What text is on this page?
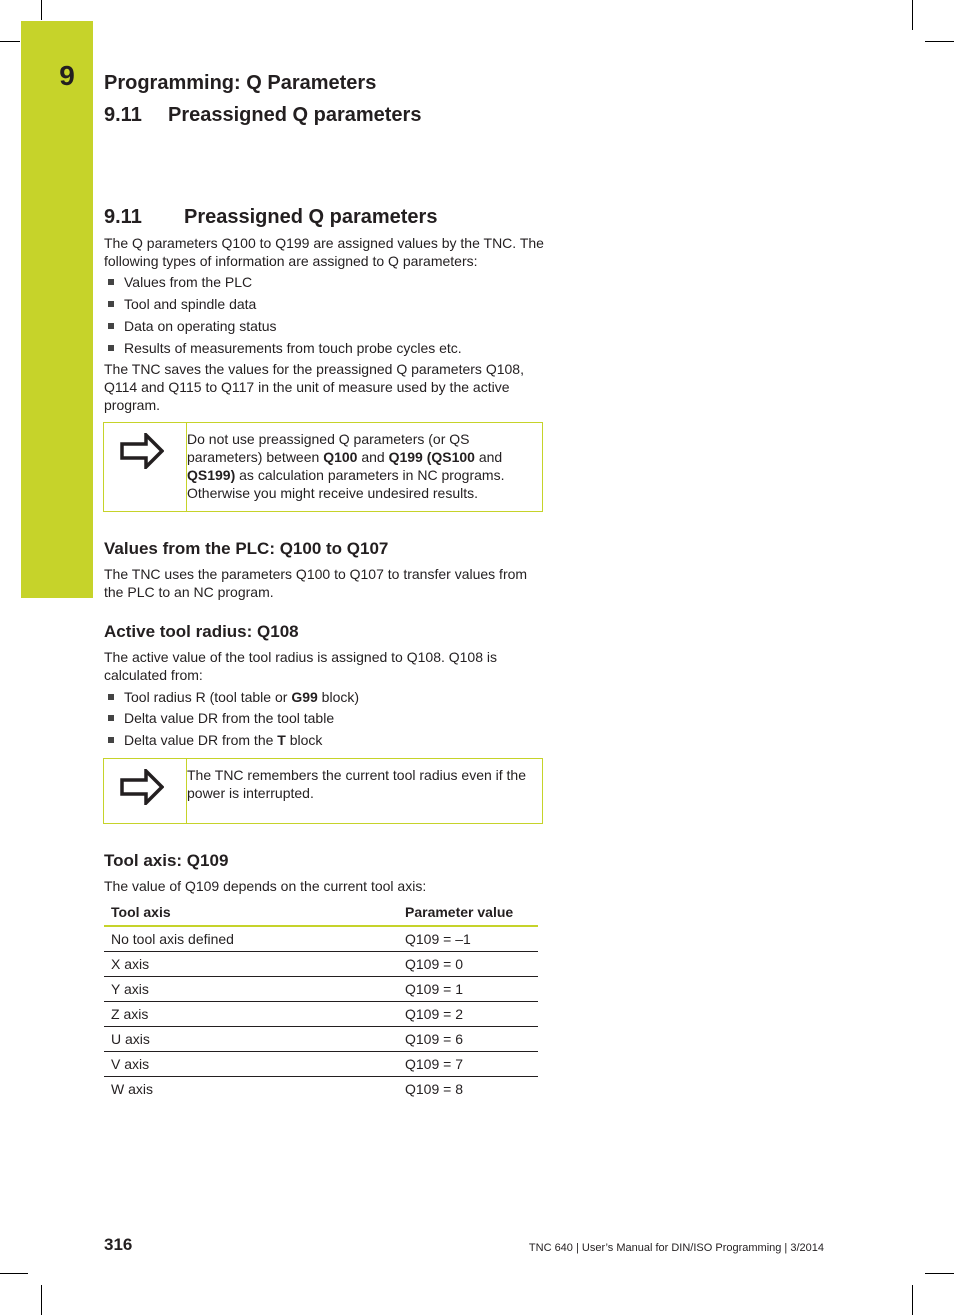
9	Programming: Q Parameters
9.11 Preassigned Q parameters
9.11 Preassigned Q parameters

The Q parameters Q100 to Q199 are assigned values by the TNC. The following types of information are assigned to Q parameters:

Values from the PLC
Tool and spindle data
Data on operating status
Results of measurements from touch probe cycles etc.

The TNC saves the values for the preassigned Q parameters Q108, Q114 and Q115 to Q117 in the unit of measure used by the active program.

Do not use preassigned Q parameters (or QS parameters) between Q100 and Q199 (QS100 and QS199) as calculation parameters in NC programs. Otherwise you might receive undesired results.
Values from the PLC: Q100 to Q107

The TNC uses the parameters Q100 to Q107 to transfer values from the PLC to an NC program.

Active tool radius: Q108

The active value of the tool radius is assigned to Q108. Q108 is calculated from:

Tool radius R (tool table or G99 block)
Delta value DR from the tool table
Delta value DR from the T block
The TNC remembers the current tool radius even if the power is interrupted.
Tool axis: Q109

The value of Q109 depends on the current tool axis:

Tool axis	Parameter value
No tool axis defined	Q109 = –1
X axis	Q109 = 0
Y axis	Q109 = 1
Z axis	Q109 = 2
U axis	Q109 = 6
V axis	Q109 = 7
W axis	Q109 = 8
316	TNC 640 | User’s Manual for DIN/ISO Programming | 3/2014
